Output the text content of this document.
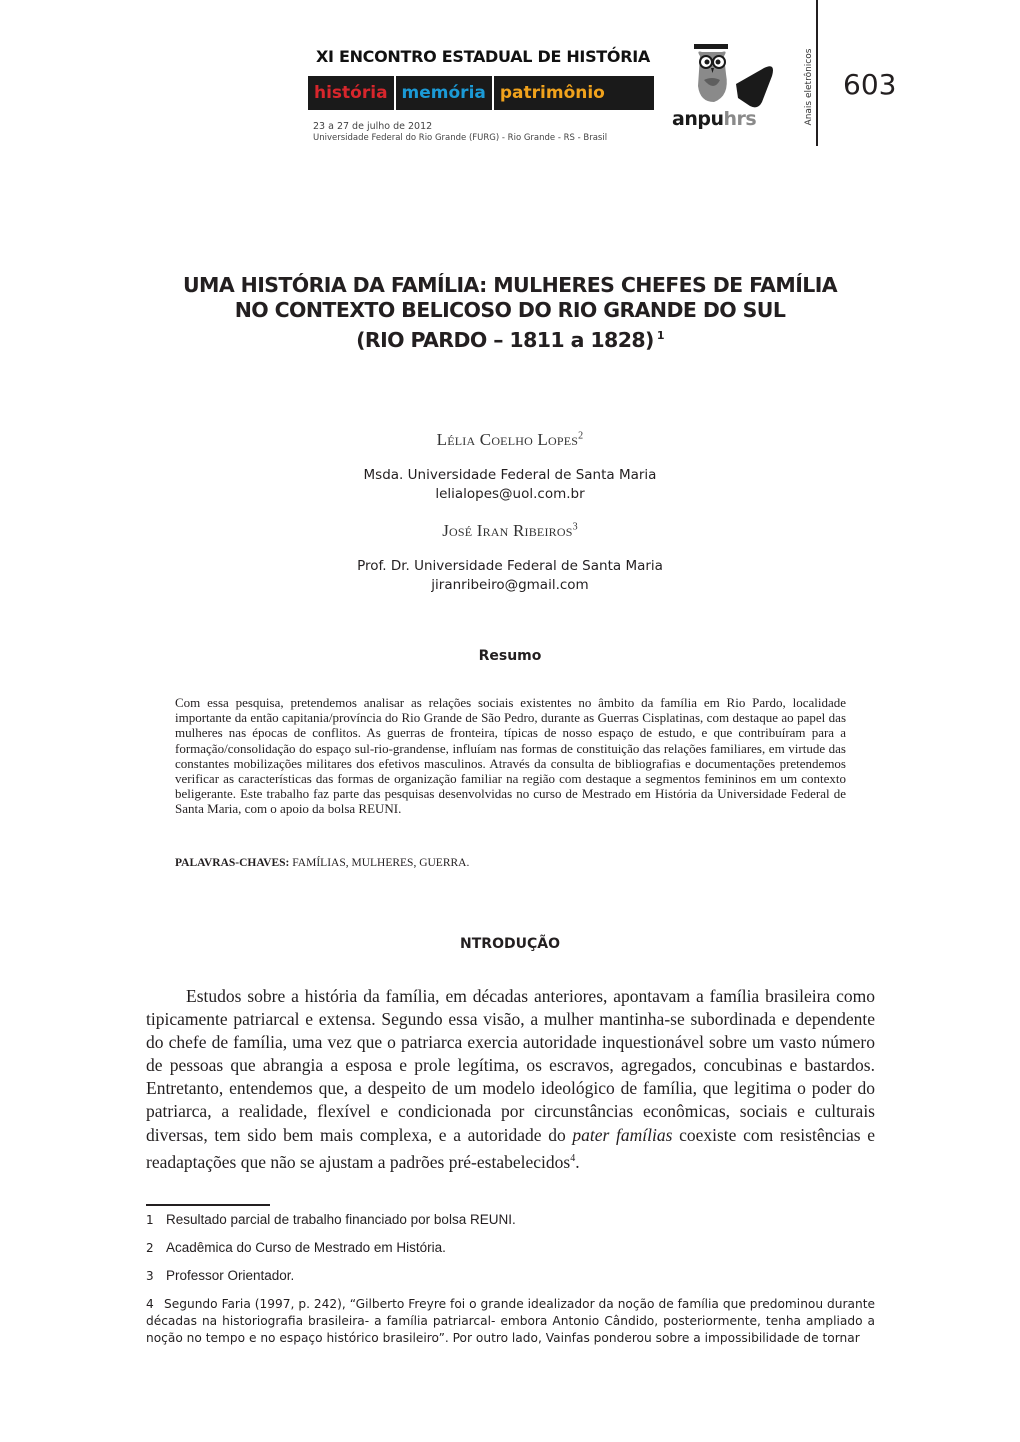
XI ENCONTRO ESTADUAL DE HISTÓRIA
história memória patrimônio
23 a 27 de julho de 2012
Universidade Federal do Rio Grande (FURG) - Rio Grande - RS - Brasil
anpuhrs	Anais eletrônicos 603
UMA HISTÓRIA DA FAMÍLIA: MULHERES CHEFES DE FAMÍLIA
NO CONTEXTO BELICOSO DO RIO GRANDE DO SUL
(RIO PARDO – 1811 a 1828) $^1$
Lélia Coelho Lopes$^2$
Msda. Universidade Federal de Santa Maria
lelialopes@uol.com.br
José Iran Ribeiros$^3$
Prof. Dr. Universidade Federal de Santa Maria
jiranribeiro@gmail.com
Resumo
Com essa pesquisa, pretendemos analisar as relações sociais existentes no âmbito da família em Rio Pardo, localidade importante da então capitania/província do Rio Grande de São Pedro, durante as Guerras Cisplatinas, com destaque ao papel das mulheres nas épocas de conflitos. As guerras de fronteira, típicas de nosso espaço de estudo, e que contribuíram para a formação/consolidação do espaço sul-rio-grandense, influíam nas formas de constituição das relações familiares, em virtude das constantes mobilizações militares dos efetivos masculinos. Através da consulta de bibliografias e documentações pretendemos verificar as características das formas de organização familiar na região com destaque a segmentos femininos em um contexto beligerante. Este trabalho faz parte das pesquisas desenvolvidas no curso de Mestrado em História da Universidade Federal de Santa Maria, com o apoio da bolsa REUNI.
PALAVRAS-CHAVES: FAMÍLIAS, MULHERES, GUERRA.
NTRODUÇÃO

Estudos sobre a história da família, em décadas anteriores, apontavam a família brasileira como tipicamente patriarcal e extensa. Segundo essa visão, a mulher mantinha-se subordinada e dependente do chefe de família, uma vez que o patriarca exercia autoridade inquestionável sobre um vasto número de pessoas que abrangia a esposa e prole legítima, os escravos, agregados, concubinas e bastardos. Entretanto, entendemos que, a despeito de um modelo ideológico de família, que legitima o poder do patriarca, a realidade, flexível e condicionada por circunstâncias econômicas, sociais e culturais diversas, tem sido bem mais complexa, e a autoridade do pater famílias coexiste com resistências e readaptações que não se ajustam a padrões pré-estabelecidos$^4$.

1 Resultado parcial de trabalho financiado por bolsa REUNI.
2 Acadêmica do Curso de Mestrado em História.
3 Professor Orientador.
4 Segundo Faria (1997, p. 242), “Gilberto Freyre foi o grande idealizador da noção de família que predominou durante décadas na historiografia brasileira- a família patriarcal- embora Antonio Cândido, posteriormente, tenha ampliado a noção no tempo e no espaço histórico brasileiro”. Por outro lado, Vainfas ponderou sobre a impossibilidade de tornar
